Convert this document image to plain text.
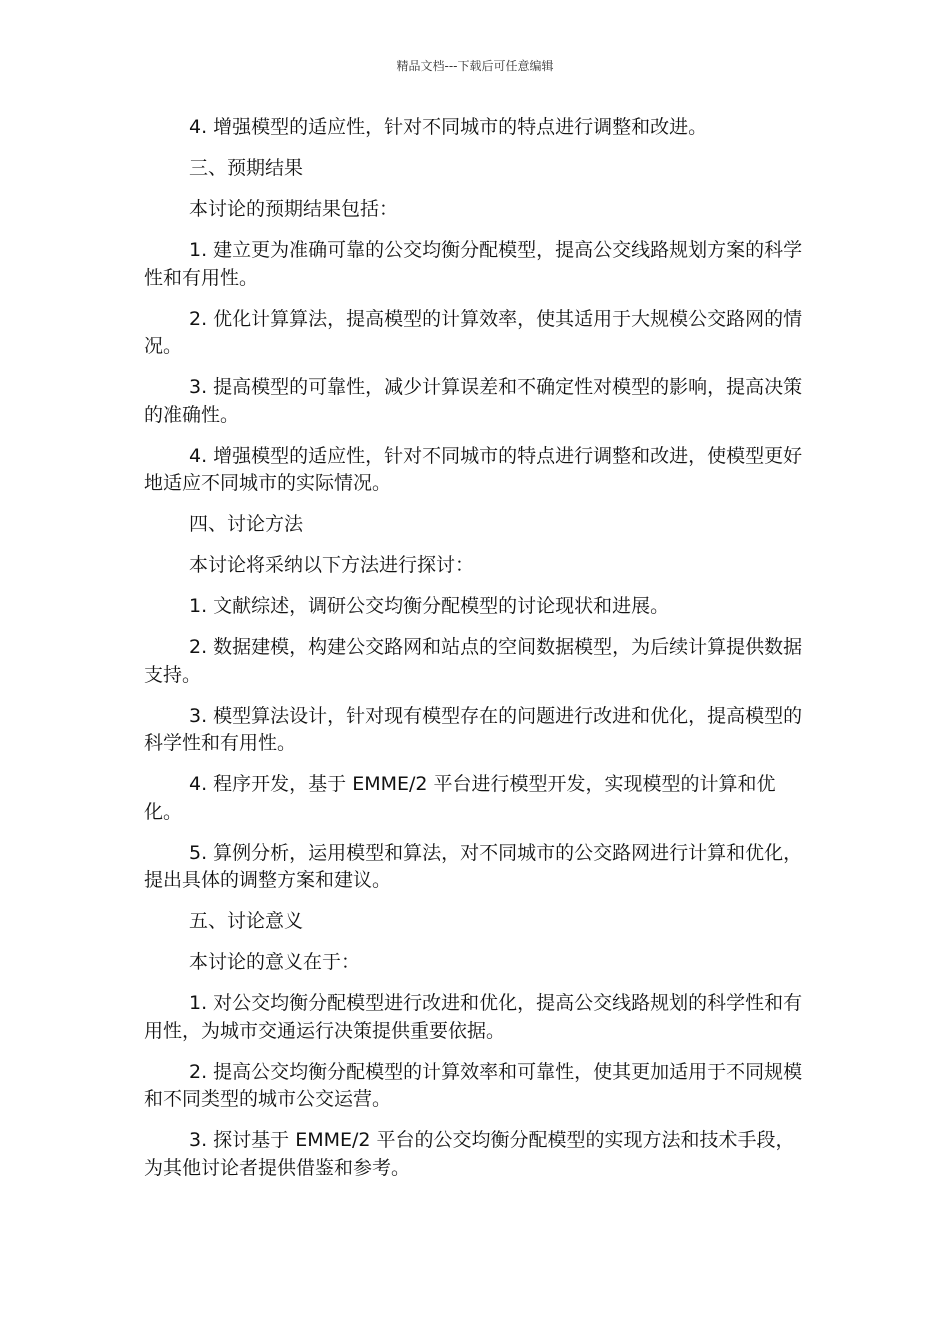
精品文档---下载后可任意编辑

4. 增强模型的适应性，针对不同城市的特点进行调整和改进。

三、预期结果

本讨论的预期结果包括：

1. 建立更为准确可靠的公交均衡分配模型，提高公交线路规划方案的科学性和有用性。

2. 优化计算算法，提高模型的计算效率，使其适用于大规模公交路网的情况。

3. 提高模型的可靠性，减少计算误差和不确定性对模型的影响，提高决策的准确性。

4. 增强模型的适应性，针对不同城市的特点进行调整和改进，使模型更好地适应不同城市的实际情况。

四、讨论方法

本讨论将采纳以下方法进行探讨：

1. 文献综述，调研公交均衡分配模型的讨论现状和进展。

2. 数据建模，构建公交路网和站点的空间数据模型，为后续计算提供数据支持。

3. 模型算法设计，针对现有模型存在的问题进行改进和优化，提高模型的科学性和有用性。

4. 程序开发，基于 EMME/2 平台进行模型开发，实现模型的计算和优化。

5. 算例分析，运用模型和算法，对不同城市的公交路网进行计算和优化，提出具体的调整方案和建议。

五、讨论意义

本讨论的意义在于：

1. 对公交均衡分配模型进行改进和优化，提高公交线路规划的科学性和有用性，为城市交通运行决策提供重要依据。

2. 提高公交均衡分配模型的计算效率和可靠性，使其更加适用于不同规模和不同类型的城市公交运营。

3. 探讨基于 EMME/2 平台的公交均衡分配模型的实现方法和技术手段，为其他讨论者提供借鉴和参考。
